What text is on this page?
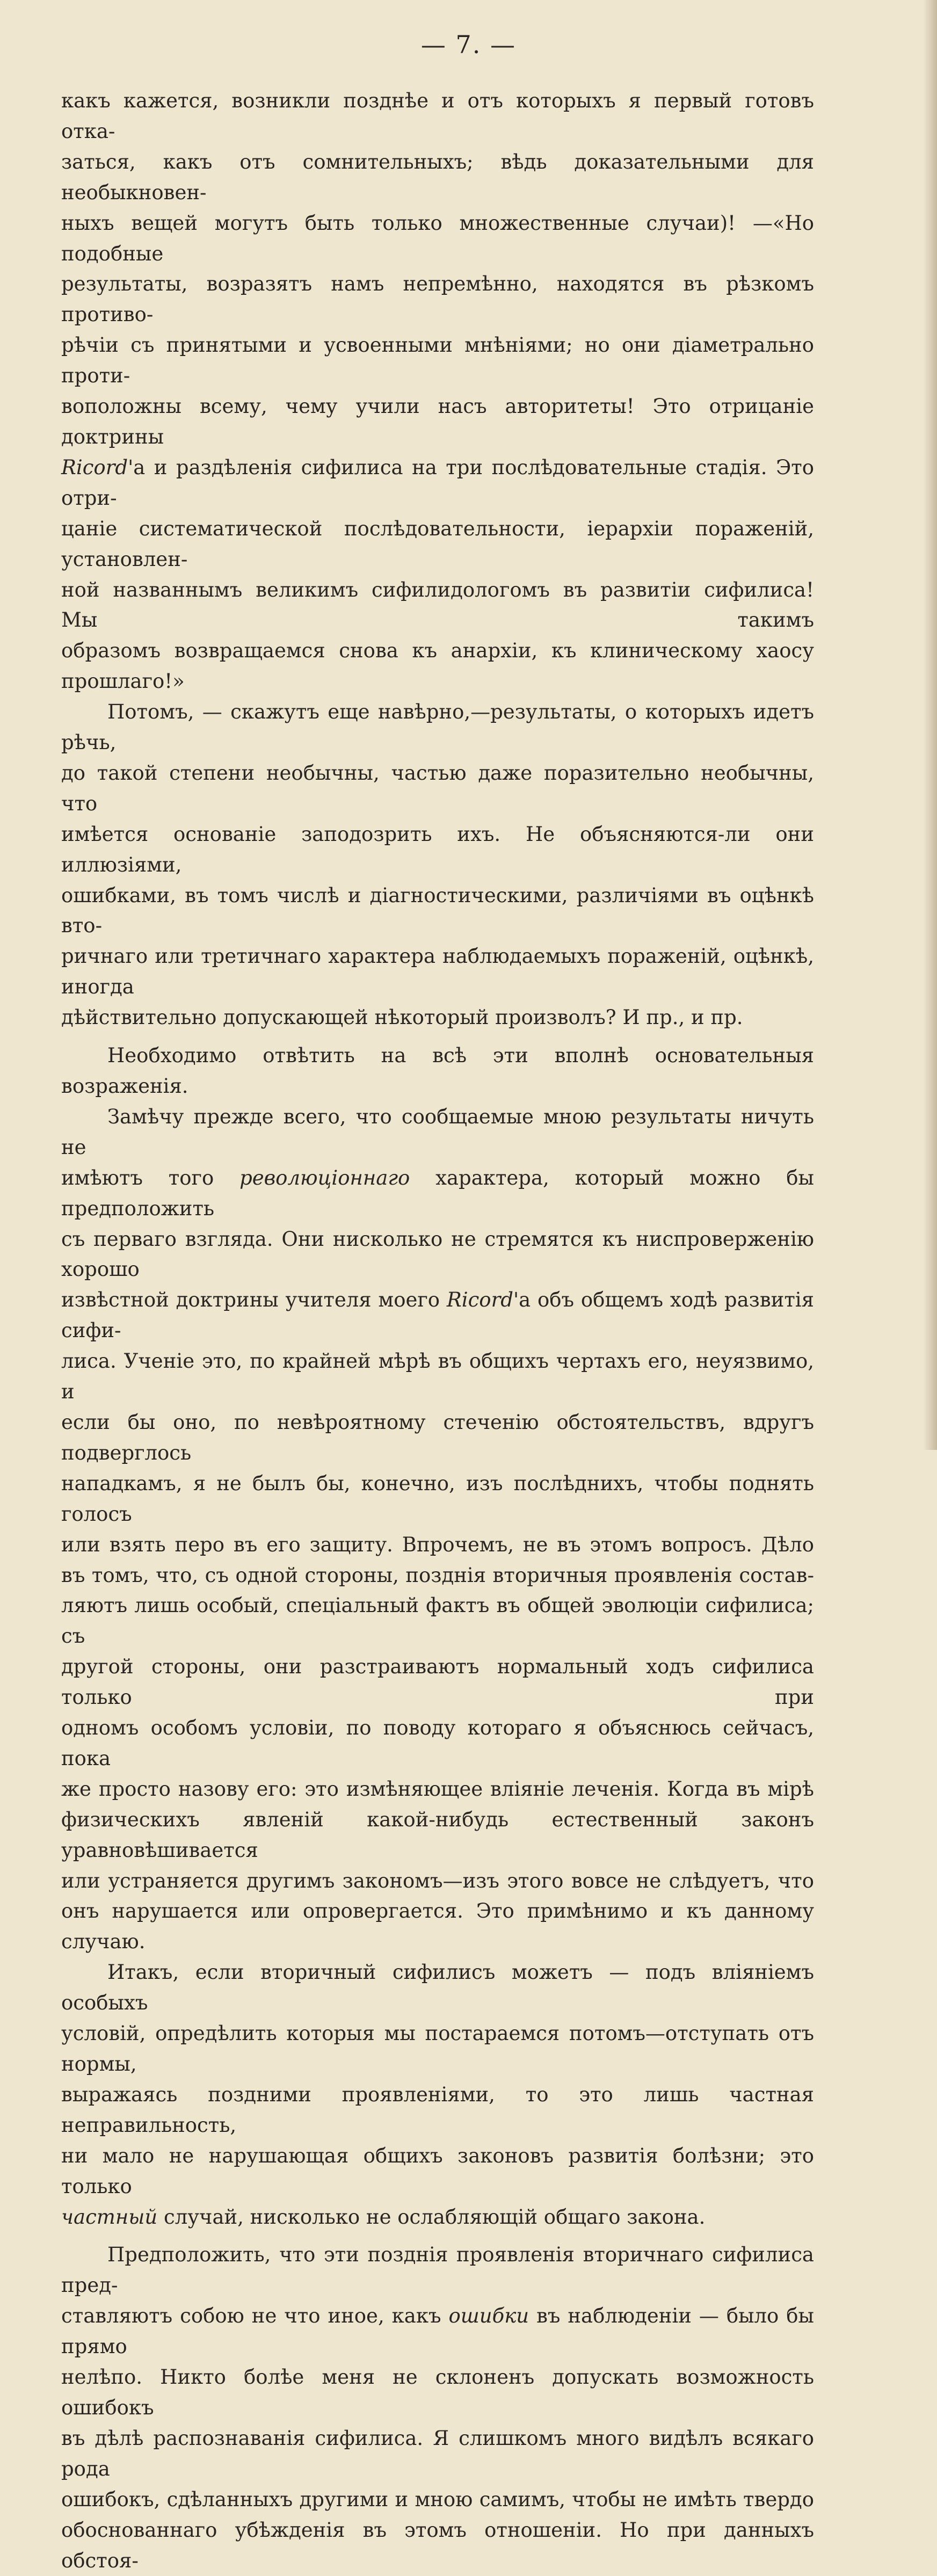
— 7. —

какъ кажется, возникли позднѣе и отъ которыхъ я первый готовъ отка-

заться, какъ отъ сомнительныхъ; вѣдь доказательными для необыкновен-

ныхъ вещей могутъ быть только множественные случаи)! —«Но подобные

результаты, возразятъ намъ непремѣнно, находятся въ рѣзкомъ противо-

рѣчіи съ принятыми и усвоенными мнѣніями; но они діаметрально проти-

воположны всему, чему учили насъ авторитеты! Это отрицаніе доктрины

Ricord'а и раздѣленія сифилиса на три послѣдовательные стадія. Это отри-

цаніе систематической послѣдовательности, іерархіи пораженій, установлен-

ной названнымъ великимъ сифилидологомъ въ развитіи сифилиса! Мы такимъ

образомъ возвращаемся снова къ анархіи, къ клиническому хаосу прошлаго!»

Потомъ, — скажутъ еще навѣрно,—результаты, о которыхъ идетъ рѣчь,

до такой степени необычны, частью даже поразительно необычны, что

имѣется основаніе заподозрить ихъ. Не объясняются-ли они иллюзіями,

ошибками, въ томъ числѣ и діагностическими, различіями въ оцѣнкѣ вто-

ричнаго или третичнаго характера наблюдаемыхъ пораженій, оцѣнкѣ, иногда

дѣйствительно допускающей нѣкоторый произволъ? И пр., и пр.

Необходимо отвѣтить на всѣ эти вполнѣ основательныя возраженія.

Замѣчу прежде всего, что сообщаемые мною результаты ничуть не

имѣютъ того революціоннаго характера, который можно бы предположить

съ перваго взгляда. Они нисколько не стремятся къ ниспроверженію хорошо

извѣстной доктрины учителя моего Ricord'а объ общемъ ходѣ развитія сифи-

лиса. Ученіе это, по крайней мѣрѣ въ общихъ чертахъ его, неуязвимо, и

если бы оно, по невѣроятному стеченію обстоятельствъ, вдругъ подверглось

нападкамъ, я не былъ бы, конечно, изъ послѣднихъ, чтобы поднять голосъ

или взять перо въ его защиту. Впрочемъ, не въ этомъ вопросъ. Дѣло

въ томъ, что, съ одной стороны, позднія вторичныя проявленія состав-

ляютъ лишь особый, спеціальный фактъ въ общей эволюціи сифилиса; съ

другой стороны, они разстраиваютъ нормальный ходъ сифилиса только при

одномъ особомъ условіи, по поводу котораго я объяснюсь сейчасъ, пока

же просто назову его: это измѣняющее вліяніе леченія. Когда въ мірѣ

физическихъ явленій какой-нибудь естественный законъ уравновѣшивается

или устраняется другимъ закономъ—изъ этого вовсе не слѣдуетъ, что

онъ нарушается или опровергается. Это примѣнимо и къ данному случаю.

Итакъ, если вторичный сифилисъ можетъ — подъ вліяніемъ особыхъ

условій, опредѣлить которыя мы постараемся потомъ—отступать отъ нормы,

выражаясь поздними проявленіями, то это лишь частная неправильность,

ни мало не нарушающая общихъ законовъ развитія болѣзни; это только

частный случай, нисколько не ослабляющій общаго закона.

Предположить, что эти позднія проявленія вторичнаго сифилиса пред-

ставляютъ собою не что иное, какъ ошибки въ наблюденіи — было бы прямо

нелѣпо. Никто болѣе меня не склоненъ допускать возможность ошибокъ

въ дѣлѣ распознаванія сифилиса. Я слишкомъ много видѣлъ всякаго рода

ошибокъ, сдѣланныхъ другими и мною самимъ, чтобы не имѣть твердо

обоснованнаго убѣжденія въ этомъ отношеніи. Но при данныхъ обстоя-
